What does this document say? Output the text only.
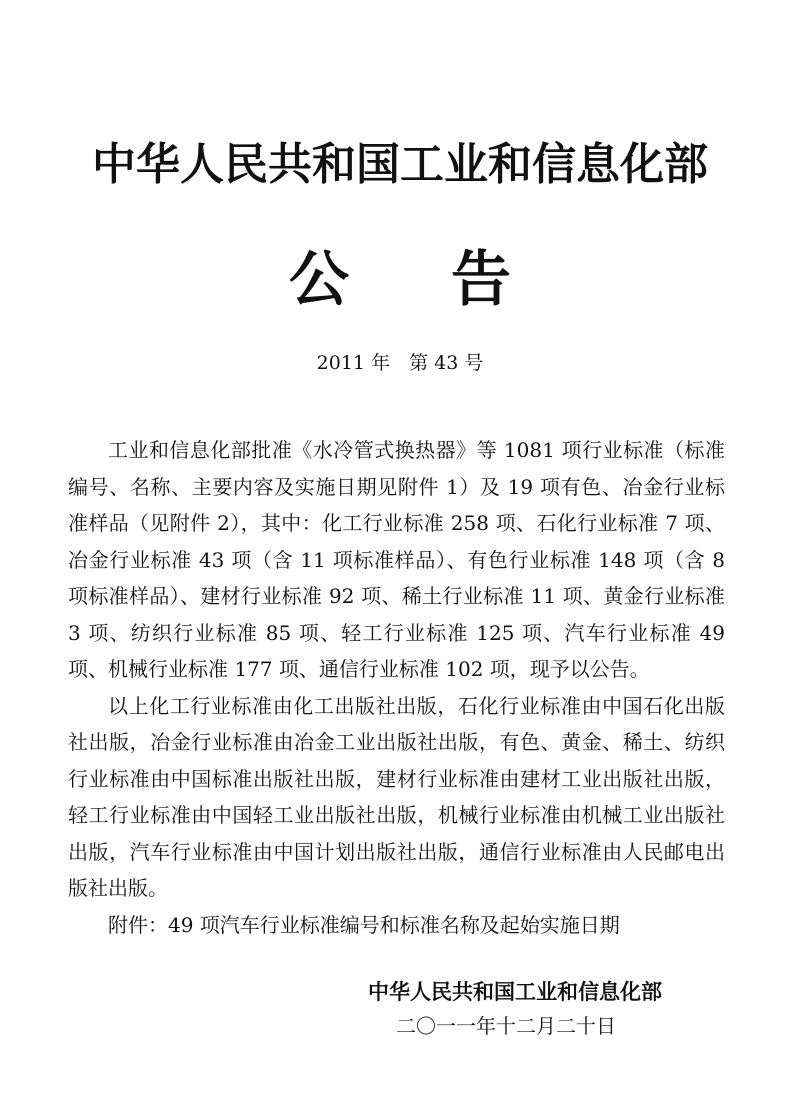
中华人民共和国工业和信息化部
公告
2011 年　第 43 号

工业和信息化部批准《水冷管式换热器》等 1081 项行业标准（标准编号、名称、主要内容及实施日期见附件 1）及 19 项有色、冶金行业标准样品（见附件 2），其中：化工行业标准 258 项、石化行业标准 7 项、冶金行业标准 43 项（含 11 项标准样品）、有色行业标准 148 项（含 8 项标准样品）、建材行业标准 92 项、稀土行业标准 11 项、黄金行业标准 3 项、纺织行业标准 85 项、轻工行业标准 125 项、汽车行业标准 49 项、机械行业标准 177 项、通信行业标准 102 项，现予以公告。

以上化工行业标准由化工出版社出版，石化行业标准由中国石化出版社出版，冶金行业标准由冶金工业出版社出版，有色、黄金、稀土、纺织行业标准由中国标准出版社出版，建材行业标准由建材工业出版社出版，轻工行业标准由中国轻工业出版社出版，机械行业标准由机械工业出版社出版，汽车行业标准由中国计划出版社出版，通信行业标准由人民邮电出版社出版。

附件：49 项汽车行业标准编号和标准名称及起始实施日期

中华人民共和国工业和信息化部
二〇一一年十二月二十日
